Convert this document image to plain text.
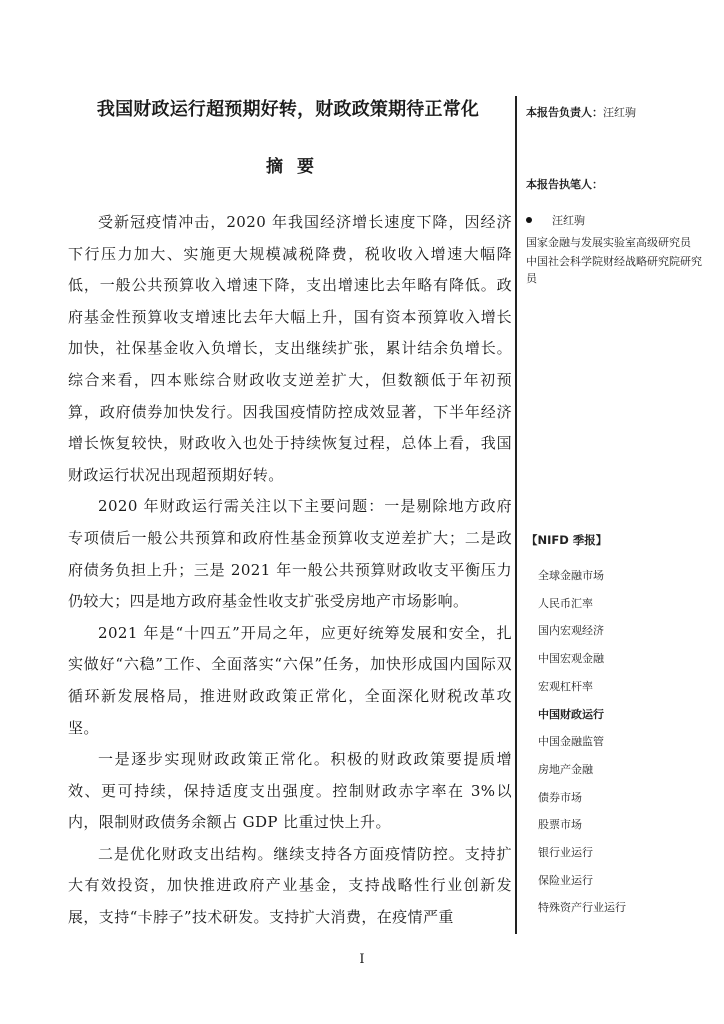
我国财政运行超预期好转，财政政策期待正常化
摘要

受新冠疫情冲击，2020 年我国经济增长速度下降，因经济下行压力加大、实施更大规模减税降费，税收收入增速大幅降低，一般公共预算收入增速下降，支出增速比去年略有降低。政府基金性预算收支增速比去年大幅上升，国有资本预算收入增长加快，社保基金收入负增长，支出继续扩张，累计结余负增长。综合来看，四本账综合财政收支逆差扩大，但数额低于年初预算，政府债券加快发行。因我国疫情防控成效显著，下半年经济增长恢复较快，财政收入也处于持续恢复过程，总体上看，我国财政运行状况出现超预期好转。

2020 年财政运行需关注以下主要问题：一是剔除地方政府专项债后一般公共预算和政府性基金预算收支逆差扩大；二是政府债务负担上升；三是 2021 年一般公共预算财政收支平衡压力仍较大；四是地方政府基金性收支扩张受房地产市场影响。

2021 年是“十四五”开局之年，应更好统筹发展和安全，扎实做好“六稳”工作、全面落实“六保”任务，加快形成国内国际双循环新发展格局，推进财政政策正常化，全面深化财税改革攻坚。

一是逐步实现财政政策正常化。积极的财政政策要提质增效、更可持续，保持适度支出强度。控制财政赤字率在 3%以内，限制财政债务余额占 GDP 比重过快上升。

二是优化财政支出结构。继续支持各方面疫情防控。支持扩大有效投资，加快推进政府产业基金，支持战略性行业创新发展，支持“卡脖子”技术研发。支持扩大消费，在疫情严重

本报告负责人：汪红驹
本报告执笔人：
汪红驹
国家金融与发展实验室高级研究员
中国社会科学院财经战略研究院研究员
【NIFD 季报】
全球金融市场
人民币汇率
国内宏观经济
中国宏观金融
宏观杠杆率
中国财政运行
中国金融监管
房地产金融
债券市场
股票市场
银行业运行
保险业运行
特殊资产行业运行
I
